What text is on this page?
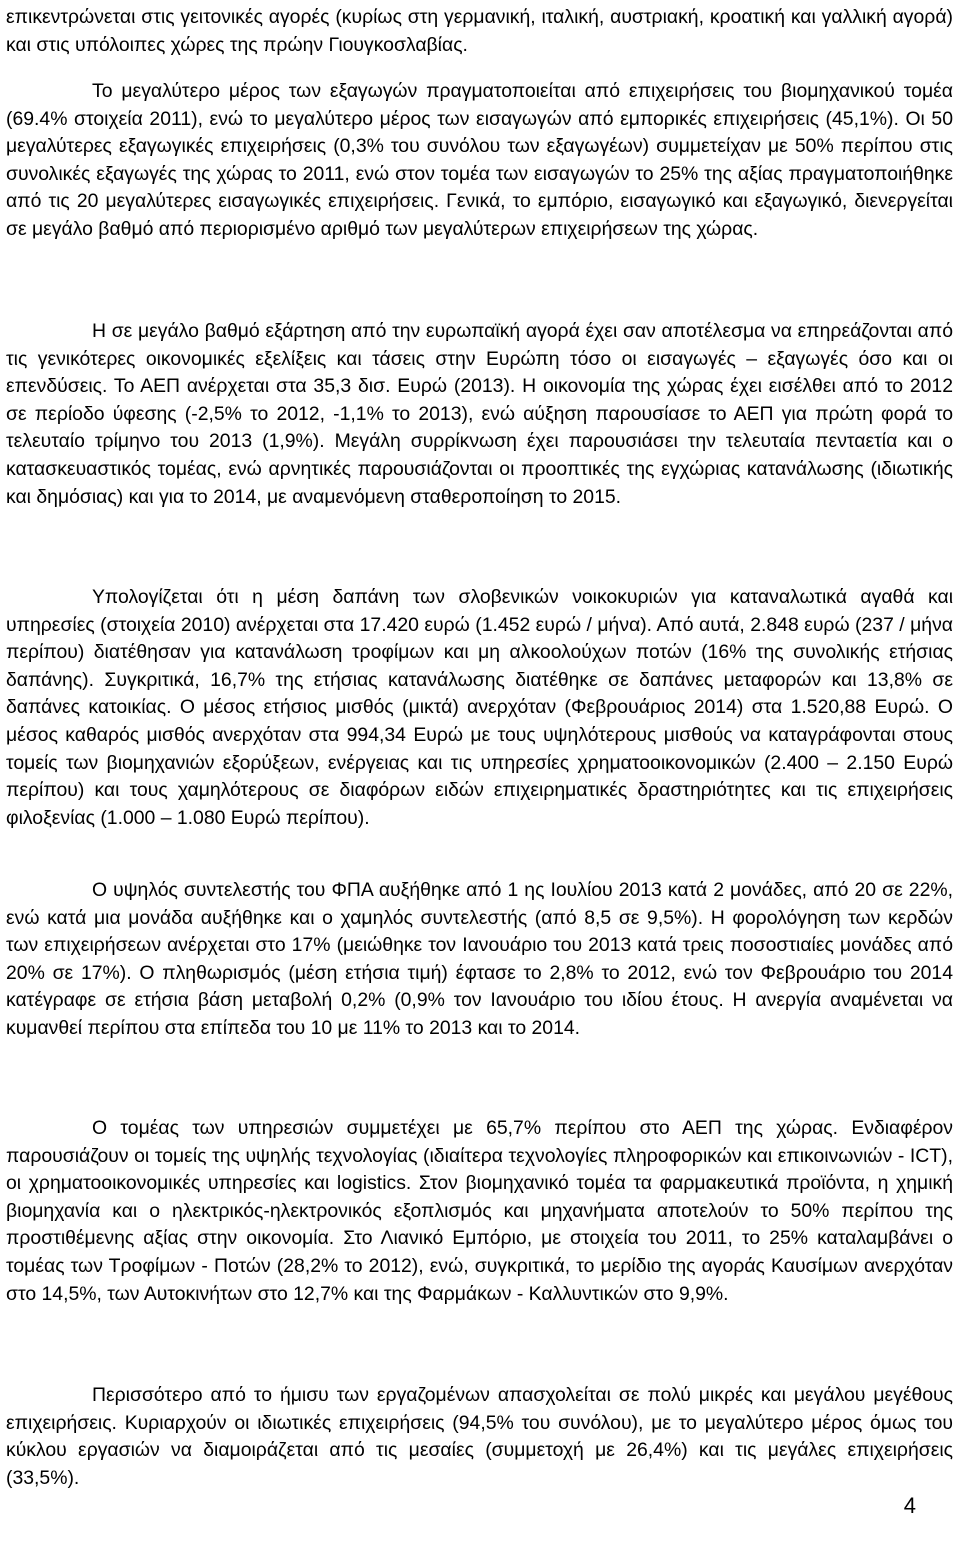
επικεντρώνεται στις γειτονικές αγορές (κυρίως στη γερμανική, ιταλική, αυστριακή, κροατική και γαλλική αγορά) και στις υπόλοιπες χώρες της πρώην Γιουγκοσλαβίας.

Το μεγαλύτερο μέρος των εξαγωγών πραγματοποιείται από επιχειρήσεις του βιομηχανικού τομέα (69.4% στοιχεία 2011), ενώ το μεγαλύτερο μέρος των εισαγωγών από εμπορικές επιχειρήσεις (45,1%). Οι 50 μεγαλύτερες εξαγωγικές επιχειρήσεις (0,3% του συνόλου των εξαγωγέων) συμμετείχαν με 50% περίπου στις συνολικές εξαγωγές της χώρας το 2011, ενώ στον τομέα των εισαγωγών το 25% της αξίας πραγματοποιήθηκε από τις 20 μεγαλύτερες εισαγωγικές επιχειρήσεις. Γενικά, το εμπόριο, εισαγωγικό και εξαγωγικό, διενεργείται σε μεγάλο βαθμό από περιορισμένο αριθμό των μεγαλύτερων επιχειρήσεων της χώρας.

Η σε μεγάλο βαθμό εξάρτηση από την ευρωπαϊκή αγορά έχει σαν αποτέλεσμα να επηρεάζονται από τις γενικότερες οικονομικές εξελίξεις και τάσεις στην Ευρώπη τόσο οι εισαγωγές – εξαγωγές όσο και οι επενδύσεις. Το ΑΕΠ ανέρχεται στα 35,3 δισ. Ευρώ (2013). Η οικονομία της χώρας έχει εισέλθει από το 2012 σε περίοδο ύφεσης (-2,5% το 2012, -1,1% το 2013), ενώ αύξηση παρουσίασε το ΑΕΠ για πρώτη φορά το τελευταίο τρίμηνο του 2013 (1,9%). Μεγάλη συρρίκνωση έχει παρουσιάσει την τελευταία πενταετία και ο κατασκευαστικός τομέας, ενώ αρνητικές παρουσιάζονται οι προοπτικές της εγχώριας κατανάλωσης (ιδιωτικής και δημόσιας) και για το 2014, με αναμενόμενη σταθεροποίηση το 2015.

Υπολογίζεται ότι η μέση δαπάνη των σλοβενικών νοικοκυριών για καταναλωτικά αγαθά και υπηρεσίες (στοιχεία 2010) ανέρχεται στα 17.420 ευρώ (1.452 ευρώ / μήνα). Από αυτά, 2.848 ευρώ (237 / μήνα περίπου) διατέθησαν για κατανάλωση τροφίμων και μη αλκοολούχων ποτών (16% της συνολικής ετήσιας δαπάνης). Συγκριτικά, 16,7% της ετήσιας κατανάλωσης διατέθηκε σε δαπάνες μεταφορών και 13,8% σε δαπάνες κατοικίας. Ο μέσος ετήσιος μισθός (μικτά) ανερχόταν (Φεβρουάριος 2014) στα 1.520,88 Ευρώ. Ο μέσος καθαρός μισθός ανερχόταν στα 994,34 Ευρώ με τους υψηλότερους μισθούς να καταγράφονται στους τομείς των βιομηχανιών εξορύξεων, ενέργειας και τις υπηρεσίες χρηματοοικονομικών (2.400 – 2.150 Ευρώ περίπου) και τους χαμηλότερους σε διαφόρων ειδών επιχειρηματικές δραστηριότητες και τις επιχειρήσεις φιλοξενίας (1.000 – 1.080 Ευρώ περίπου).

Ο υψηλός συντελεστής του ΦΠΑ αυξήθηκε από 1 ης Ιουλίου 2013 κατά 2 μονάδες, από 20 σε 22%, ενώ κατά μια μονάδα αυξήθηκε και ο χαμηλός συντελεστής (από 8,5 σε 9,5%). Η φορολόγηση των κερδών των επιχειρήσεων ανέρχεται στο 17% (μειώθηκε τον Ιανουάριο του 2013 κατά τρεις ποσοστιαίες μονάδες από 20% σε 17%). Ο πληθωρισμός (μέση ετήσια τιμή) έφτασε το 2,8% το 2012, ενώ τον Φεβρουάριο του 2014 κατέγραφε σε ετήσια βάση μεταβολή 0,2% (0,9% τον Ιανουάριο του ιδίου έτους. Η ανεργία αναμένεται να κυμανθεί περίπου στα επίπεδα του 10 με 11% το 2013 και το 2014.

Ο τομέας των υπηρεσιών συμμετέχει με 65,7% περίπου στο ΑΕΠ της χώρας. Ενδιαφέρον παρουσιάζουν οι τομείς της υψηλής τεχνολογίας (ιδιαίτερα τεχνολογίες πληροφορικών και επικοινωνιών - ICT), οι χρηματοοικονομικές υπηρεσίες και logistics. Στον βιομηχανικό τομέα τα φαρμακευτικά προϊόντα, η χημική βιομηχανία και ο ηλεκτρικός-ηλεκτρονικός εξοπλισμός και μηχανήματα αποτελούν το 50% περίπου της προστιθέμενης αξίας στην οικονομία. Στο Λιανικό Εμπόριο, με στοιχεία του 2011, το 25% καταλαμβάνει ο τομέας των Τροφίμων - Ποτών (28,2% το 2012), ενώ, συγκριτικά, το μερίδιο της αγοράς Καυσίμων ανερχόταν στο 14,5%, των Αυτοκινήτων στο 12,7% και της Φαρμάκων - Καλλυντικών στο 9,9%.

Περισσότερο από το ήμισυ των εργαζομένων απασχολείται σε πολύ μικρές και μεγάλου μεγέθους επιχειρήσεις. Κυριαρχούν οι ιδιωτικές επιχειρήσεις (94,5% του συνόλου), με το μεγαλύτερο μέρος όμως του κύκλου εργασιών να διαμοιράζεται από τις μεσαίες (συμμετοχή με 26,4%) και τις μεγάλες επιχειρήσεις (33,5%).

4
